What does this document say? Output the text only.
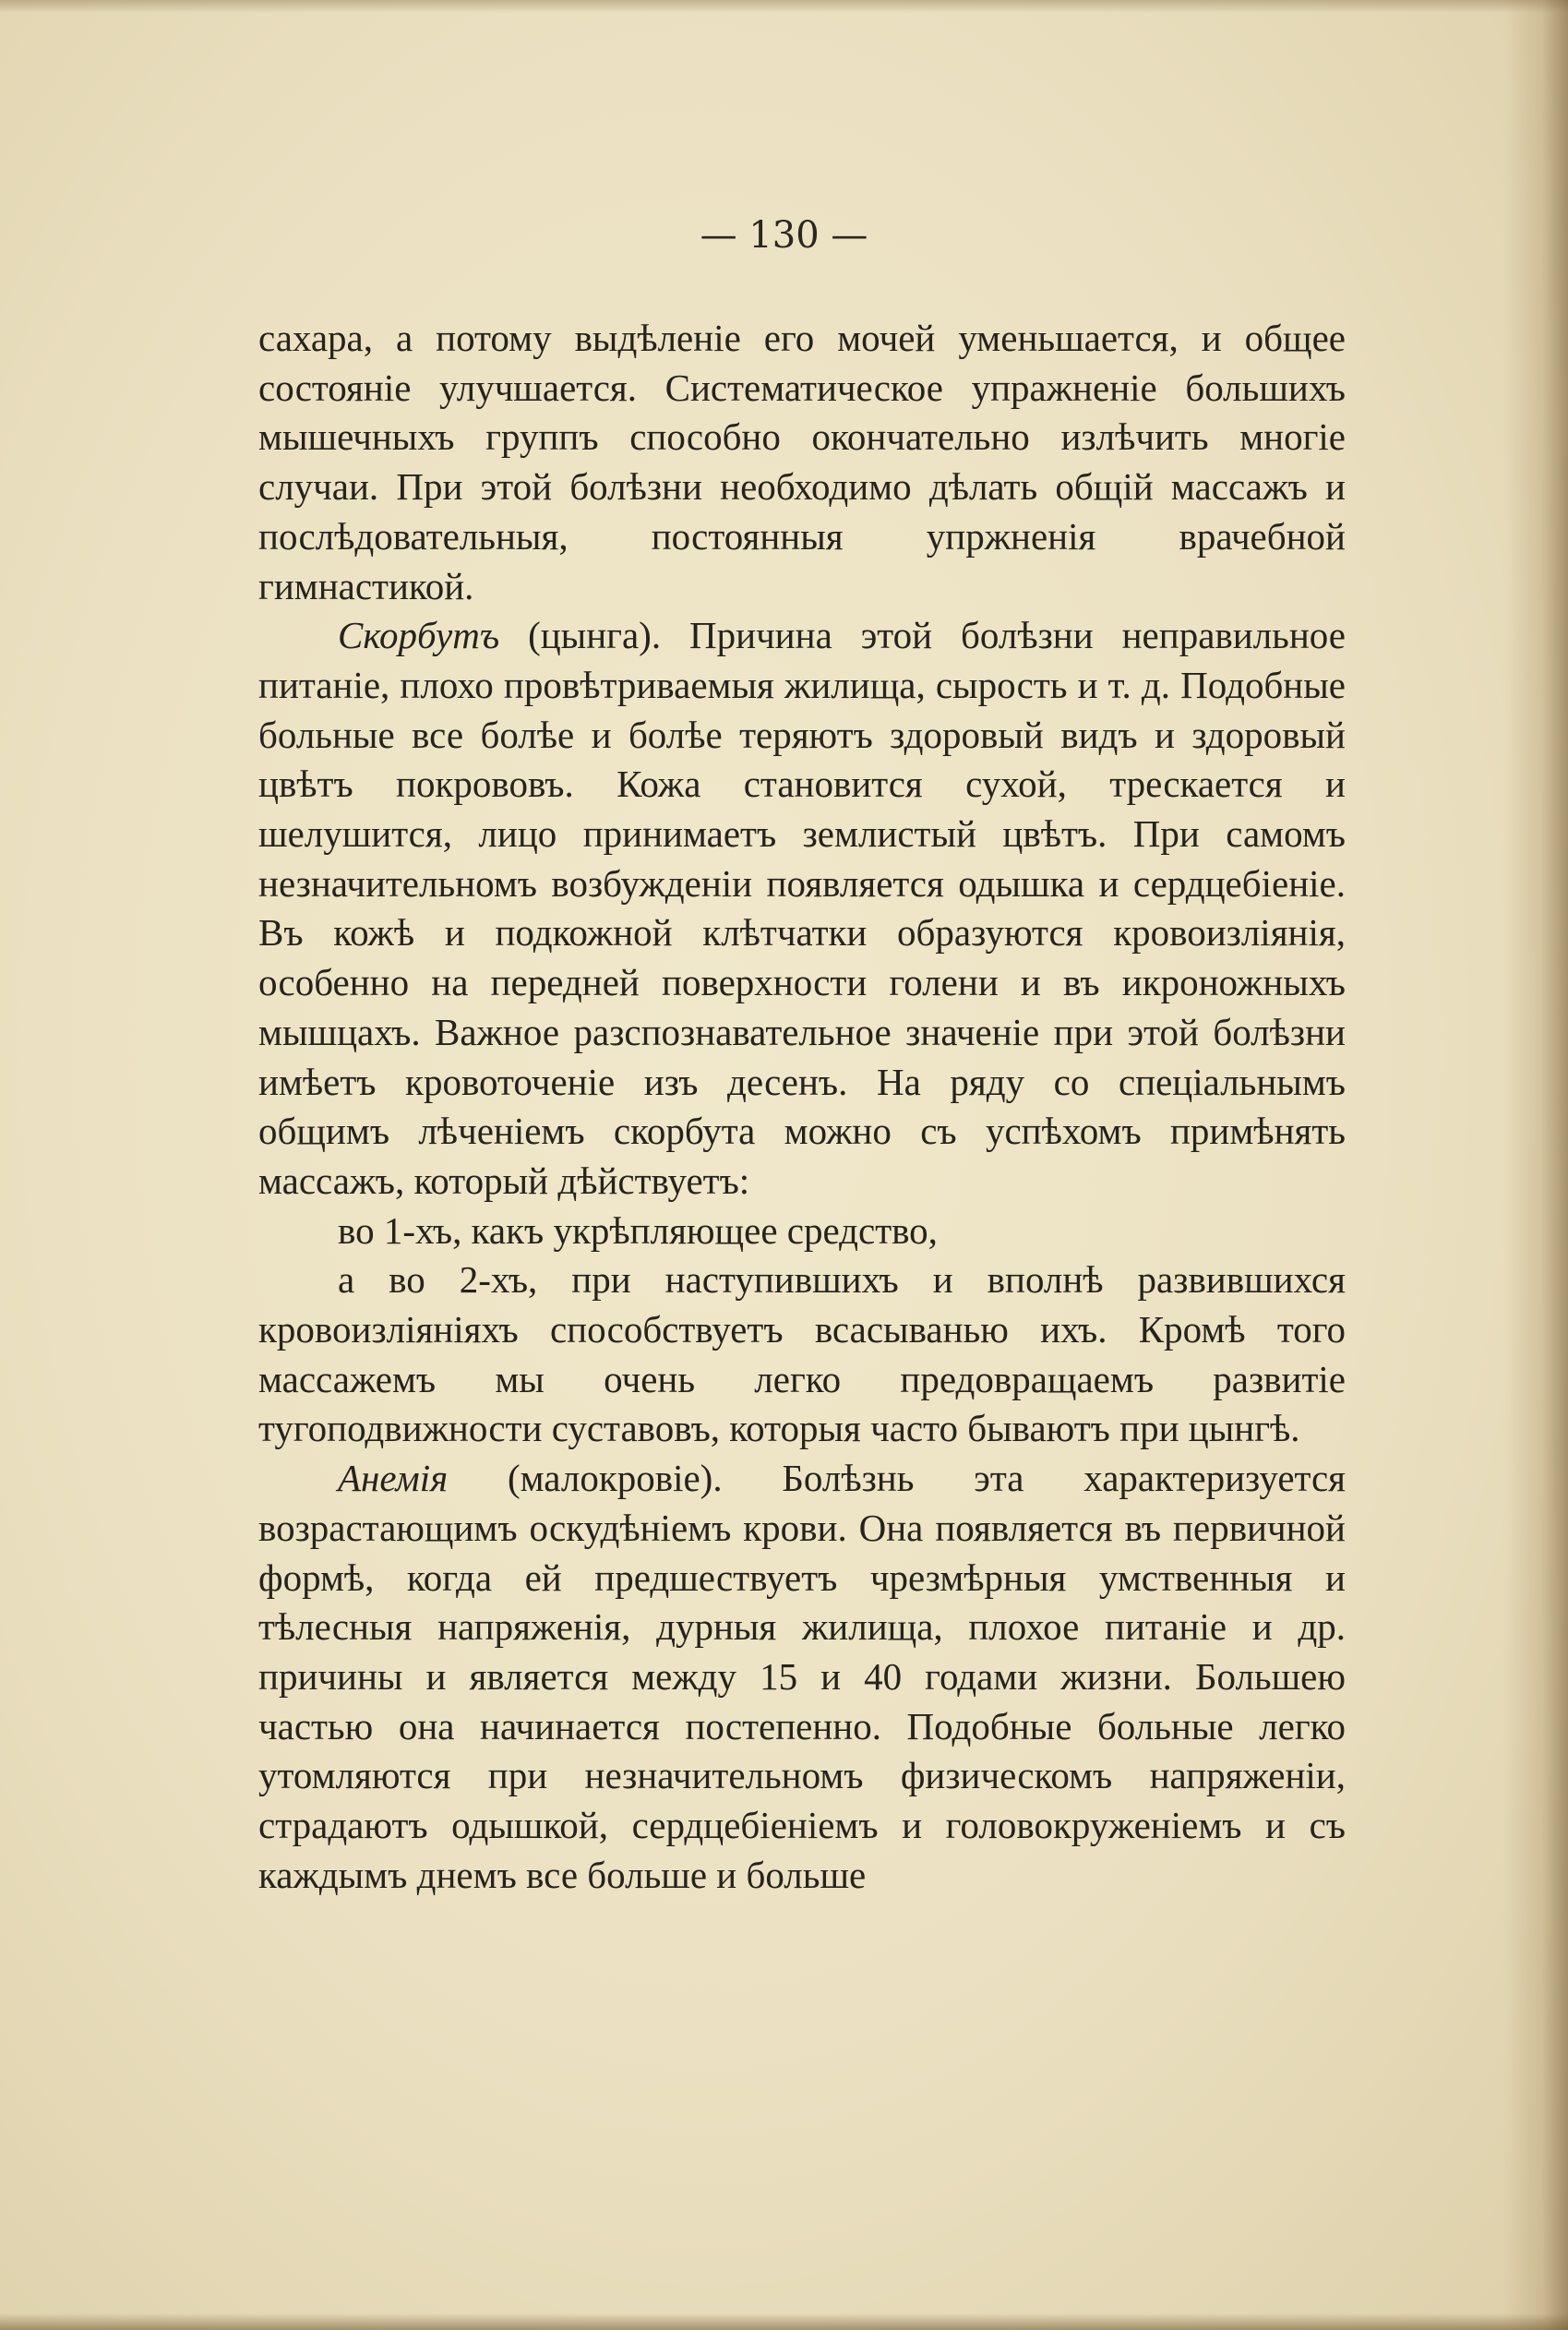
— 130 —

сахара, а потому выдѣленіе его мочей уменьшается, и общее состояніе улучшается. Систематическое упражненіе большихъ мышечныхъ группъ способно окончательно излѣчить многіе случаи. При этой болѣзни необходимо дѣлать общій массажъ и послѣдовательныя, постоянныя упржненія врачебной гимнастикой.

Скорбутъ (цынга). Причина этой болѣзни неправильное питаніе, плохо провѣтриваемыя жилища, сырость и т. д. Подобные больные все болѣе и болѣе теряютъ здоровый видъ и здоровый цвѣтъ покрововъ. Кожа становится сухой, трескается и шелушится, лицо принимаетъ землистый цвѣтъ. При самомъ незначительномъ возбужденіи появляется одышка и сердцебіеніе. Въ кожѣ и подкожной клѣтчатки образуются кровоизліянія, особенно на передней поверхности голени и въ икроножныхъ мышцахъ. Важное разспознавательное значеніе при этой болѣзни имѣетъ кровоточеніе изъ десенъ. На ряду со спеціальнымъ общимъ лѣченіемъ скорбута можно съ успѣхомъ примѣнять массажъ, который дѣйствуетъ:

во 1-хъ, какъ укрѣпляющее средство,

а во 2-хъ, при наступившихъ и вполнѣ развившихся кровоизліяніяхъ способствуетъ всасыванью ихъ. Кромѣ того массажемъ мы очень легко предовращаемъ развитіе тугоподвижности суставовъ, которыя часто бываютъ при цынгѣ.

Анемія (малокровіе). Болѣзнь эта характеризуется возрастающимъ оскудѣніемъ крови. Она появляется въ первичной формѣ, когда ей предшествуетъ чрезмѣрныя умственныя и тѣлесныя напряженія, дурныя жилища, плохое питаніе и др. причины и является между 15 и 40 годами жизни. Большею частью она начинается постепенно. Подобные больные легко утомляются при незначительномъ физическомъ напряженіи, страдаютъ одышкой, сердцебіеніемъ и головокруженіемъ и съ каждымъ днемъ все больше и больше
